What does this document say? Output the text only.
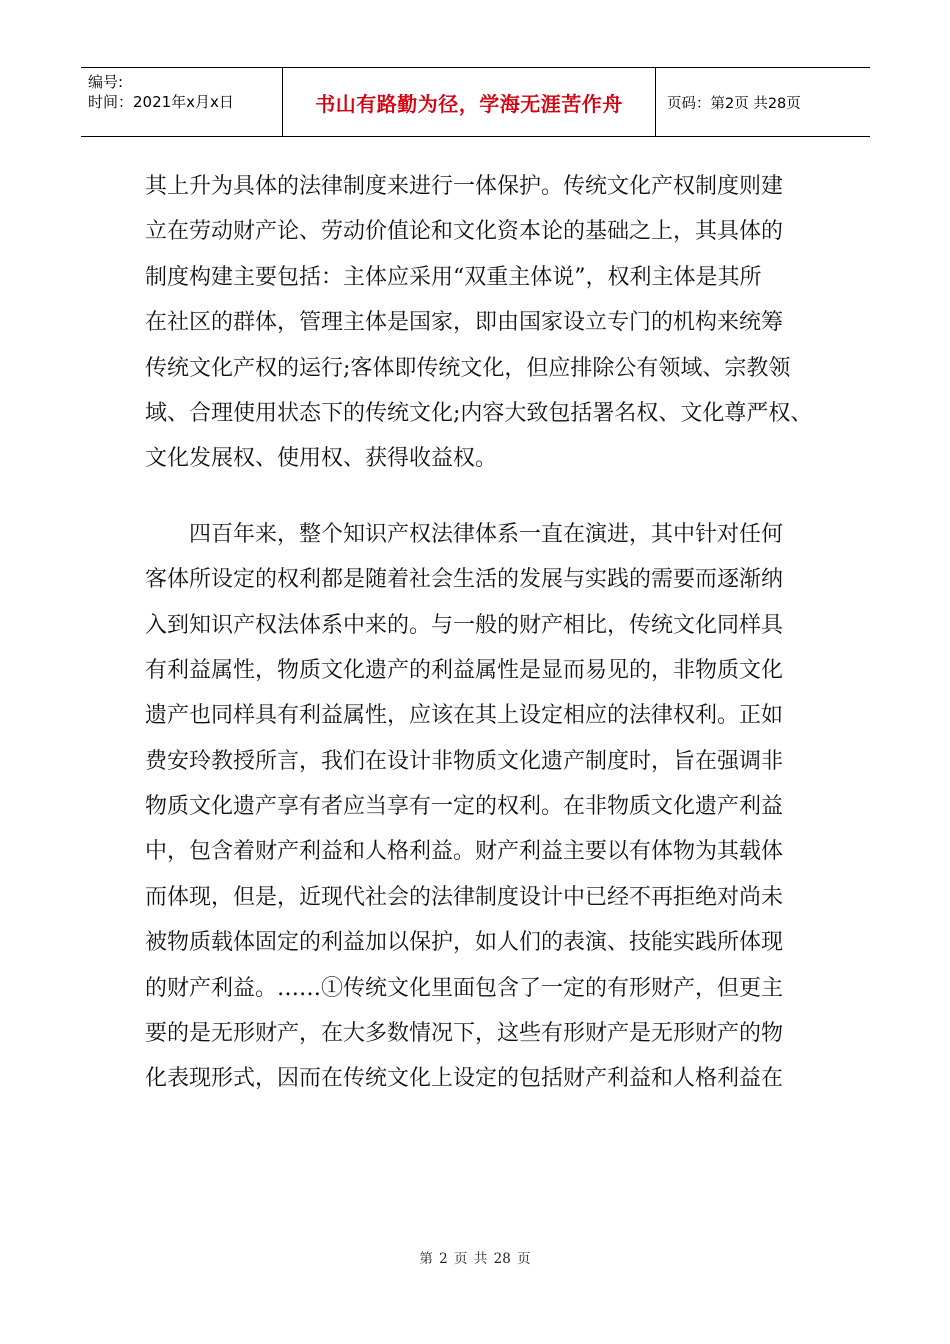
编号:
时间：2021年x月x日	书山有路勤为径，学海无涯苦作舟	页码：第2页 共28页
其上升为具体的法律制度来进行一体保护。传统文化产权制度则建
立在劳动财产论、劳动价值论和文化资本论的基础之上，其具体的
制度构建主要包括：主体应采用“双重主体说”，权利主体是其所
在社区的群体，管理主体是国家，即由国家设立专门的机构来统筹
传统文化产权的运行;客体即传统文化，但应排除公有领域、宗教领
域、合理使用状态下的传统文化;内容大致包括署名权、文化尊严权、
文化发展权、使用权、获得收益权。
四百年来，整个知识产权法律体系一直在演进，其中针对任何
客体所设定的权利都是随着社会生活的发展与实践的需要而逐渐纳
入到知识产权法体系中来的。与一般的财产相比，传统文化同样具
有利益属性，物质文化遗产的利益属性是显而易见的，非物质文化
遗产也同样具有利益属性，应该在其上设定相应的法律权利。正如
费安玲教授所言，我们在设计非物质文化遗产制度时，旨在强调非
物质文化遗产享有者应当享有一定的权利。在非物质文化遗产利益
中，包含着财产利益和人格利益。财产利益主要以有体物为其载体
而体现，但是，近现代社会的法律制度设计中已经不再拒绝对尚未
被物质载体固定的利益加以保护，如人们的表演、技能实践所体现
的财产利益。……①传统文化里面包含了一定的有形财产，但更主
要的是无形财产，在大多数情况下，这些有形财产是无形财产的物
化表现形式，因而在传统文化上设定的包括财产利益和人格利益在
第 2 页 共 28 页
